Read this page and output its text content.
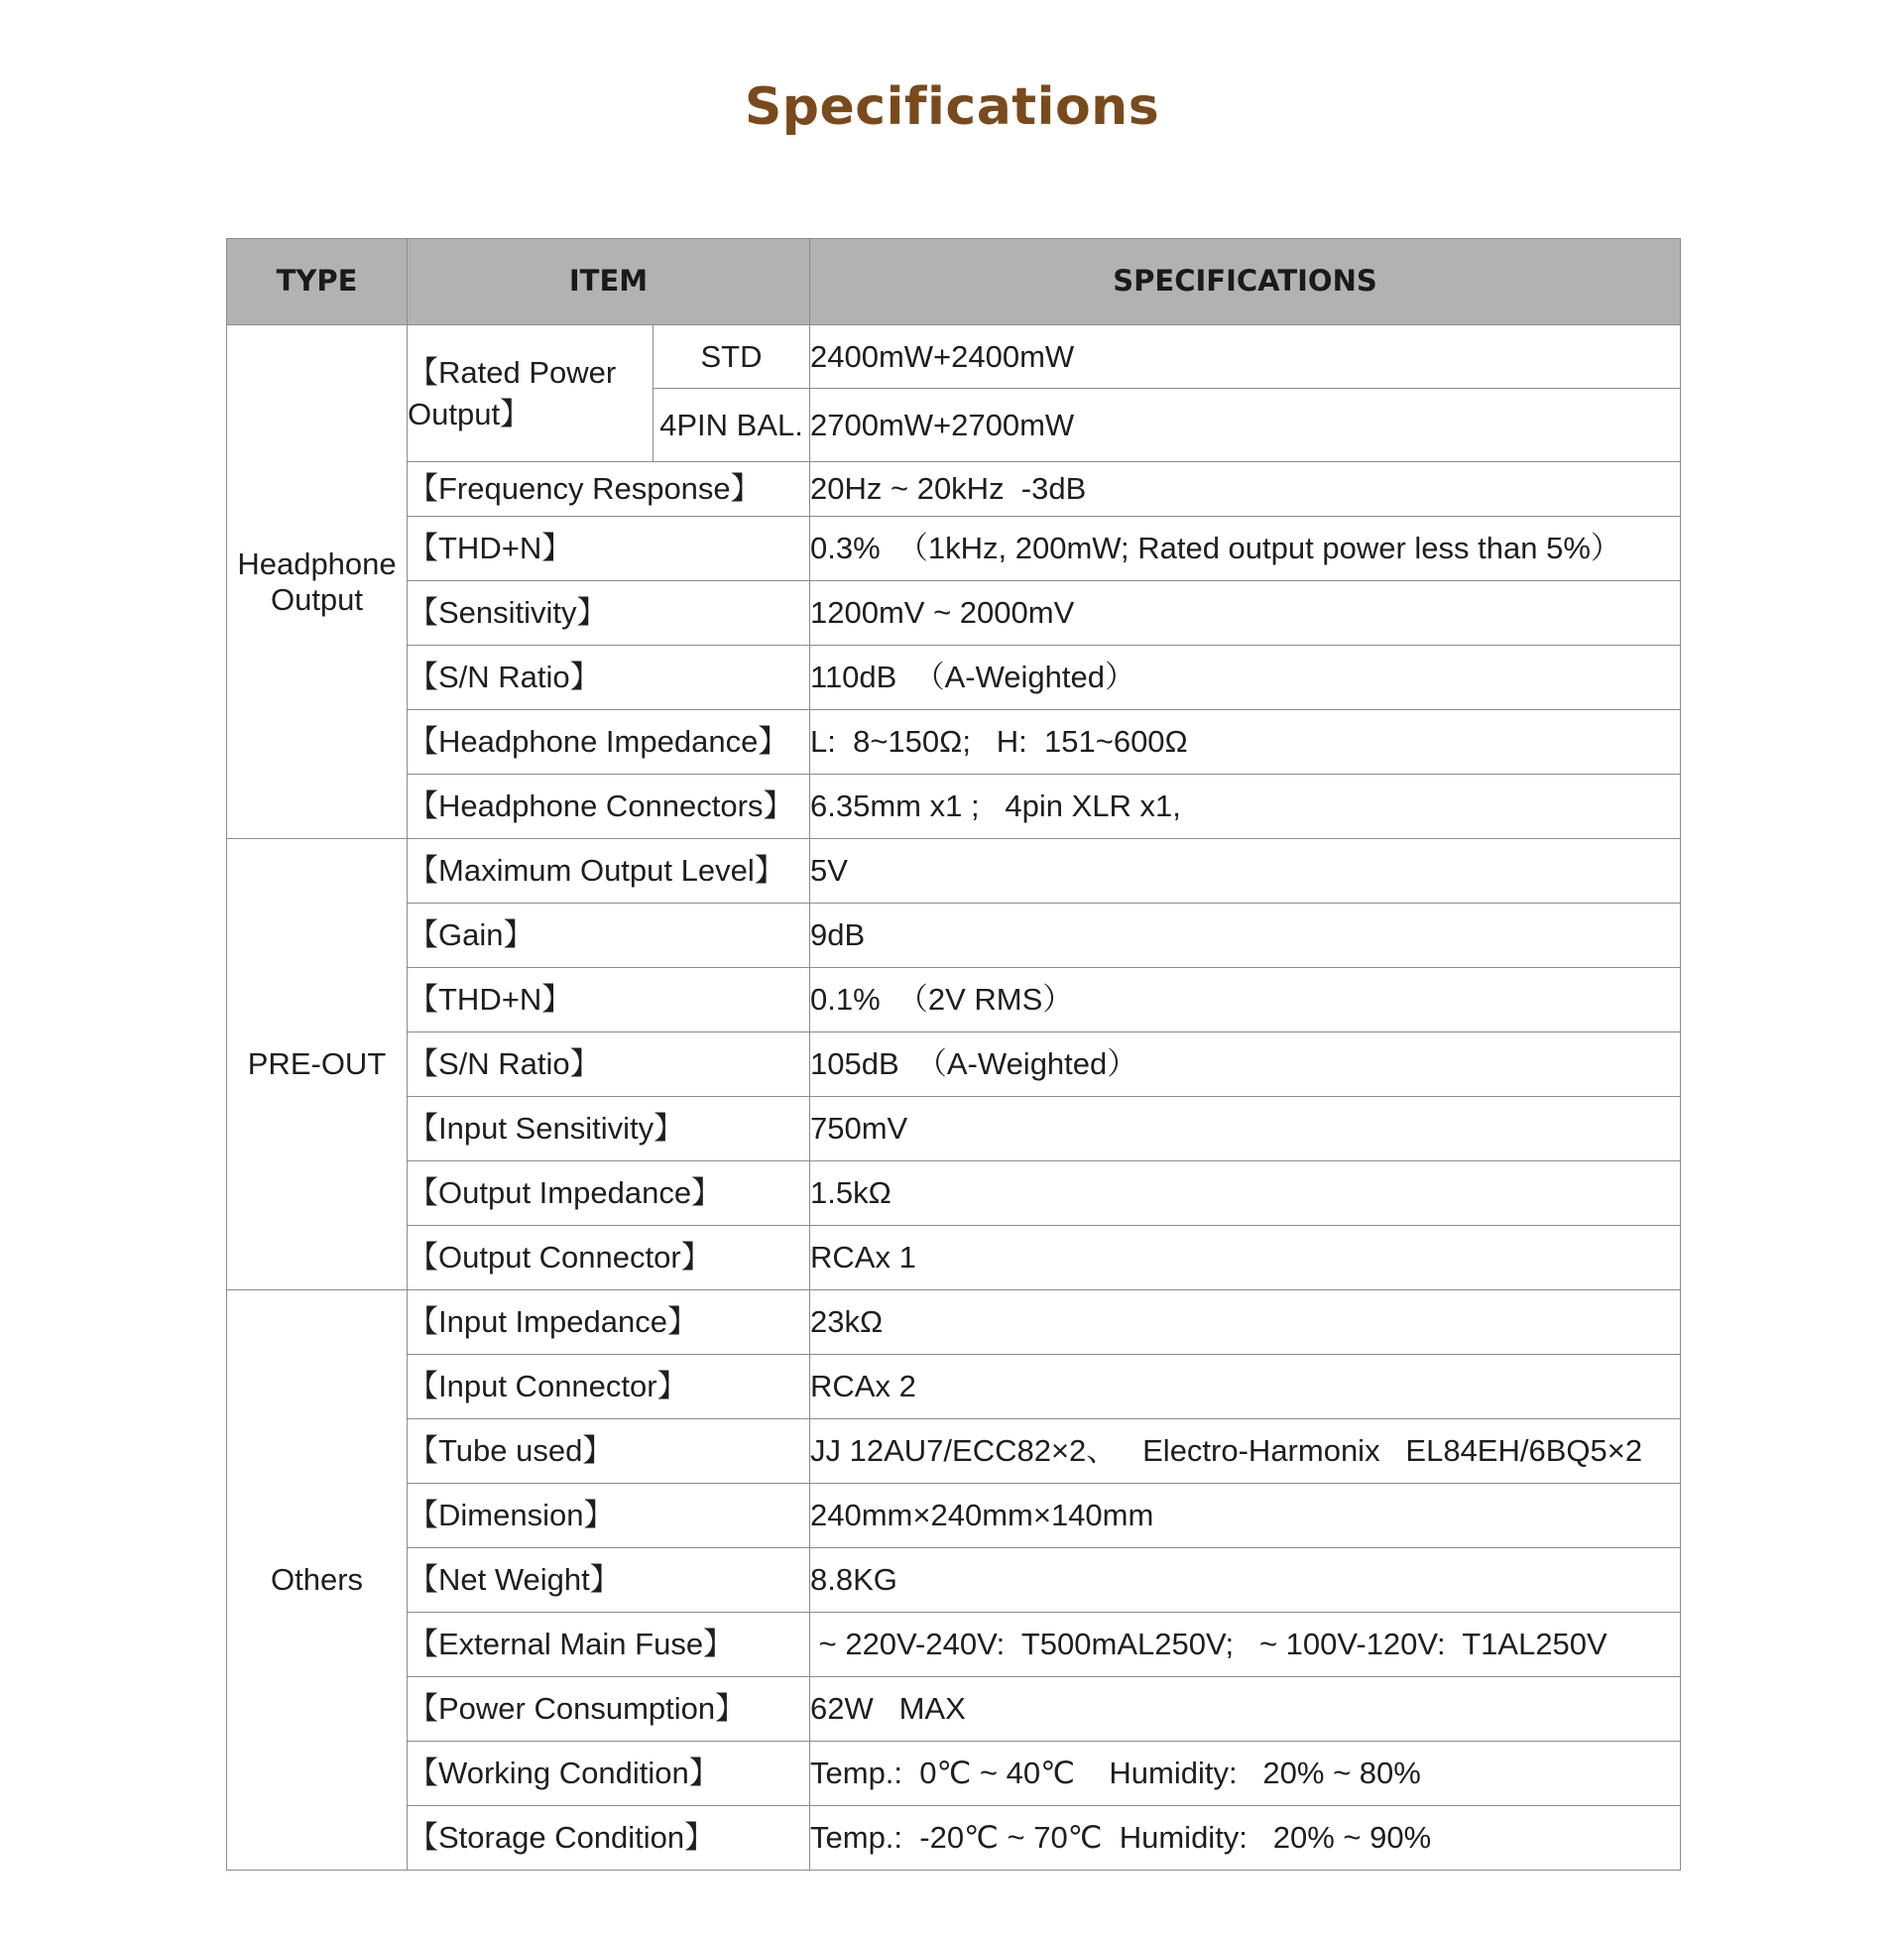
Specifications
TYPE	ITEM		SPECIFICATIONS
Headphone Output	【Rated Power Output】	STD	2400mW+2400mW
		4PIN BAL.	2700mW+2700mW
	【Frequency Response】		20Hz ~ 20kHz  -3dB
	【THD+N】		0.3%  （1kHz, 200mW; Rated output power less than 5%）
	【Sensitivity】		1200mV ~ 2000mV
	【S/N Ratio】		110dB  （A-Weighted）
	【Headphone Impedance】		L:  8~150Ω;   H:  151~600Ω
	【Headphone Connectors】		6.35mm x1 ;   4pin XLR x1,
PRE-OUT	【Maximum Output Level】		5V
	【Gain】		9dB
	【THD+N】		0.1%  （2V RMS）
	【S/N Ratio】		105dB  （A-Weighted）
	【Input Sensitivity】		750mV
	【Output Impedance】		1.5kΩ
	【Output Connector】		RCAx 1
Others	【Input Impedance】		23kΩ
	【Input Connector】		RCAx 2
	【Tube used】		JJ 12AU7/ECC82×2、   Electro-Harmonix   EL84EH/6BQ5×2
	【Dimension】		240mm×240mm×140mm
	【Net Weight】		8.8KG
	【External Main Fuse】		~ 220V-240V:  T500mAL250V;   ~ 100V-120V:  T1AL250V
	【Power Consumption】		62W   MAX
	【Working Condition】		Temp.:  0℃ ~ 40℃    Humidity:   20% ~ 80%
	【Storage Condition】		Temp.:  -20℃ ~ 70℃  Humidity:   20% ~ 90%
